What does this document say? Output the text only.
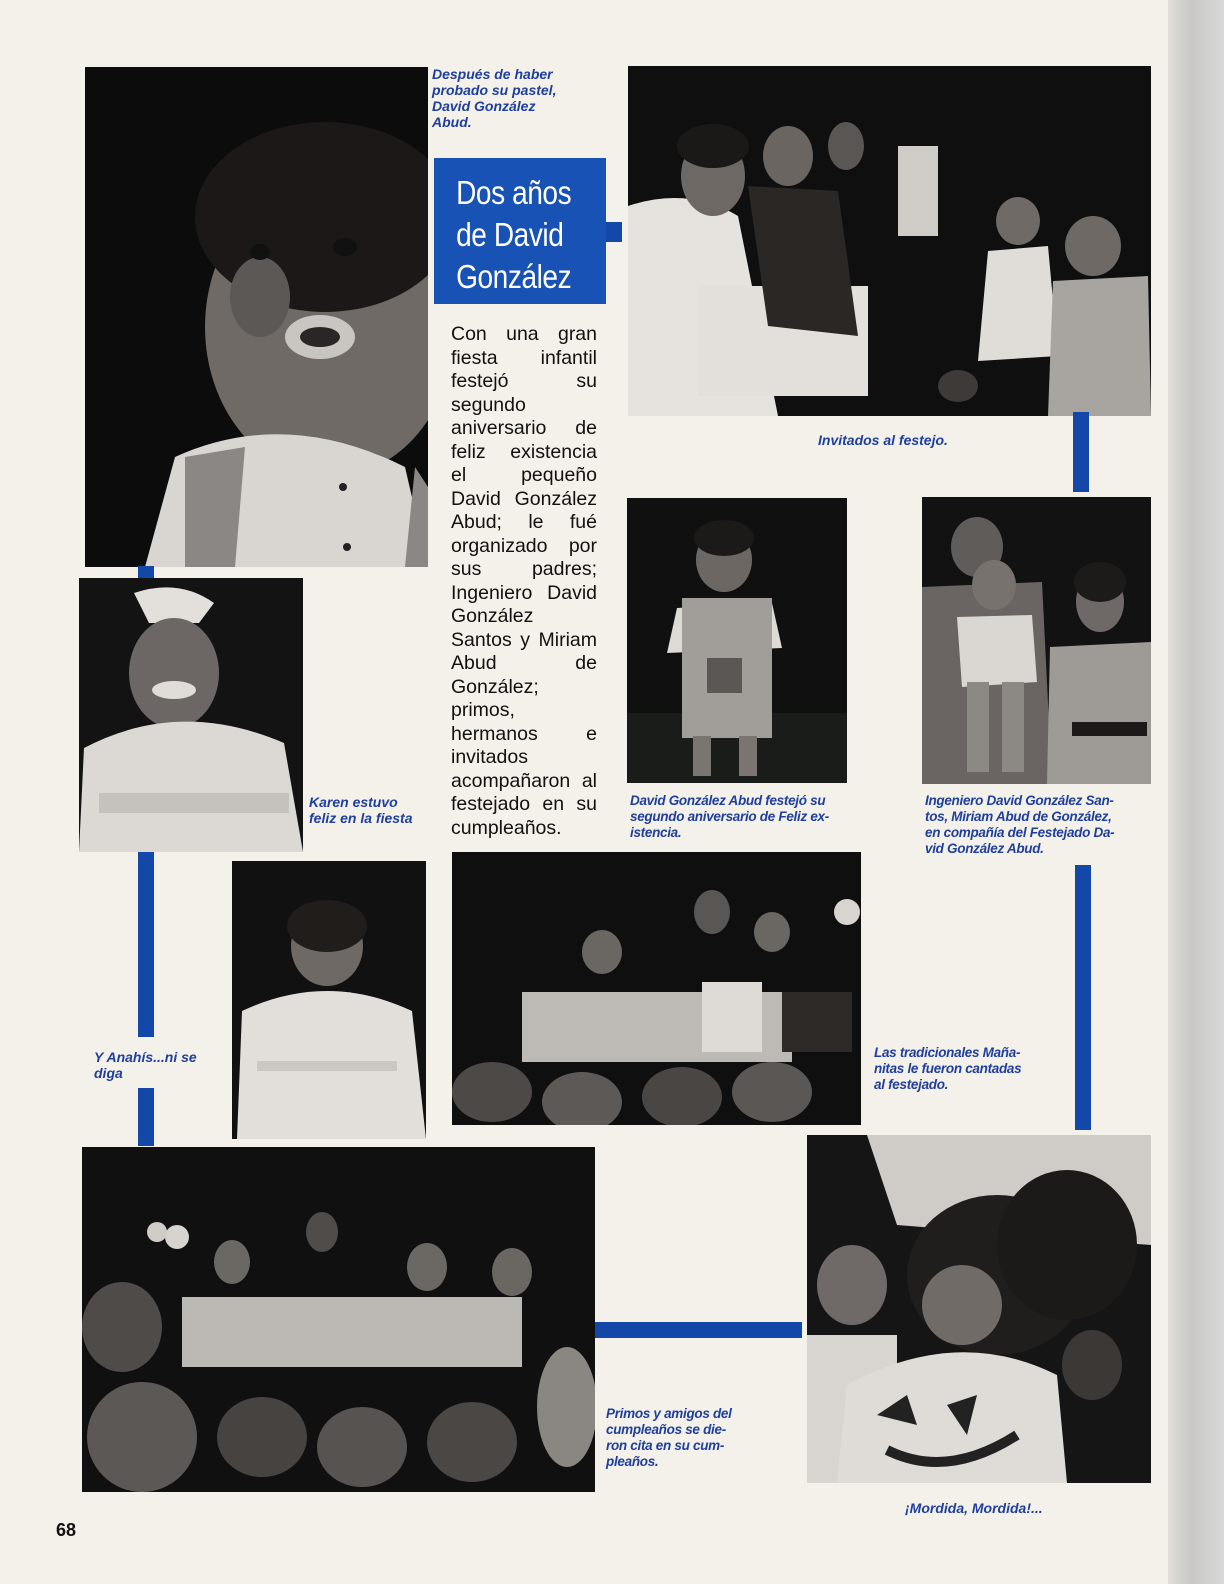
Después de haber
probado su pastel,
David González
Abud.

Dos años
de David
González

Con una gran fiesta infantil festejó su segundo aniversario de feliz existencia el pequeño David González Abud; le fué organizado por sus padres; Ingeniero David González Santos y Miriam Abud de González; primos, hermanos e invitados acompañaron al festejado en su cumpleaños.

Invitados al festejo.

David González Abud festejó su
segundo aniversario de Feliz ex-
istencia.

Ingeniero David González San-
tos, Miriam Abud de González,
en compañía del Festejado Da-
vid González Abud.

Karen estuvo
feliz en la fiesta

Y Anahís...ni se
diga

Las tradicionales Maña-
nitas le fueron cantadas
al festejado.

Primos y amigos del
cumpleaños se die-
ron cita en su cum-
pleaños.

¡Mordida, Mordida!...

68
